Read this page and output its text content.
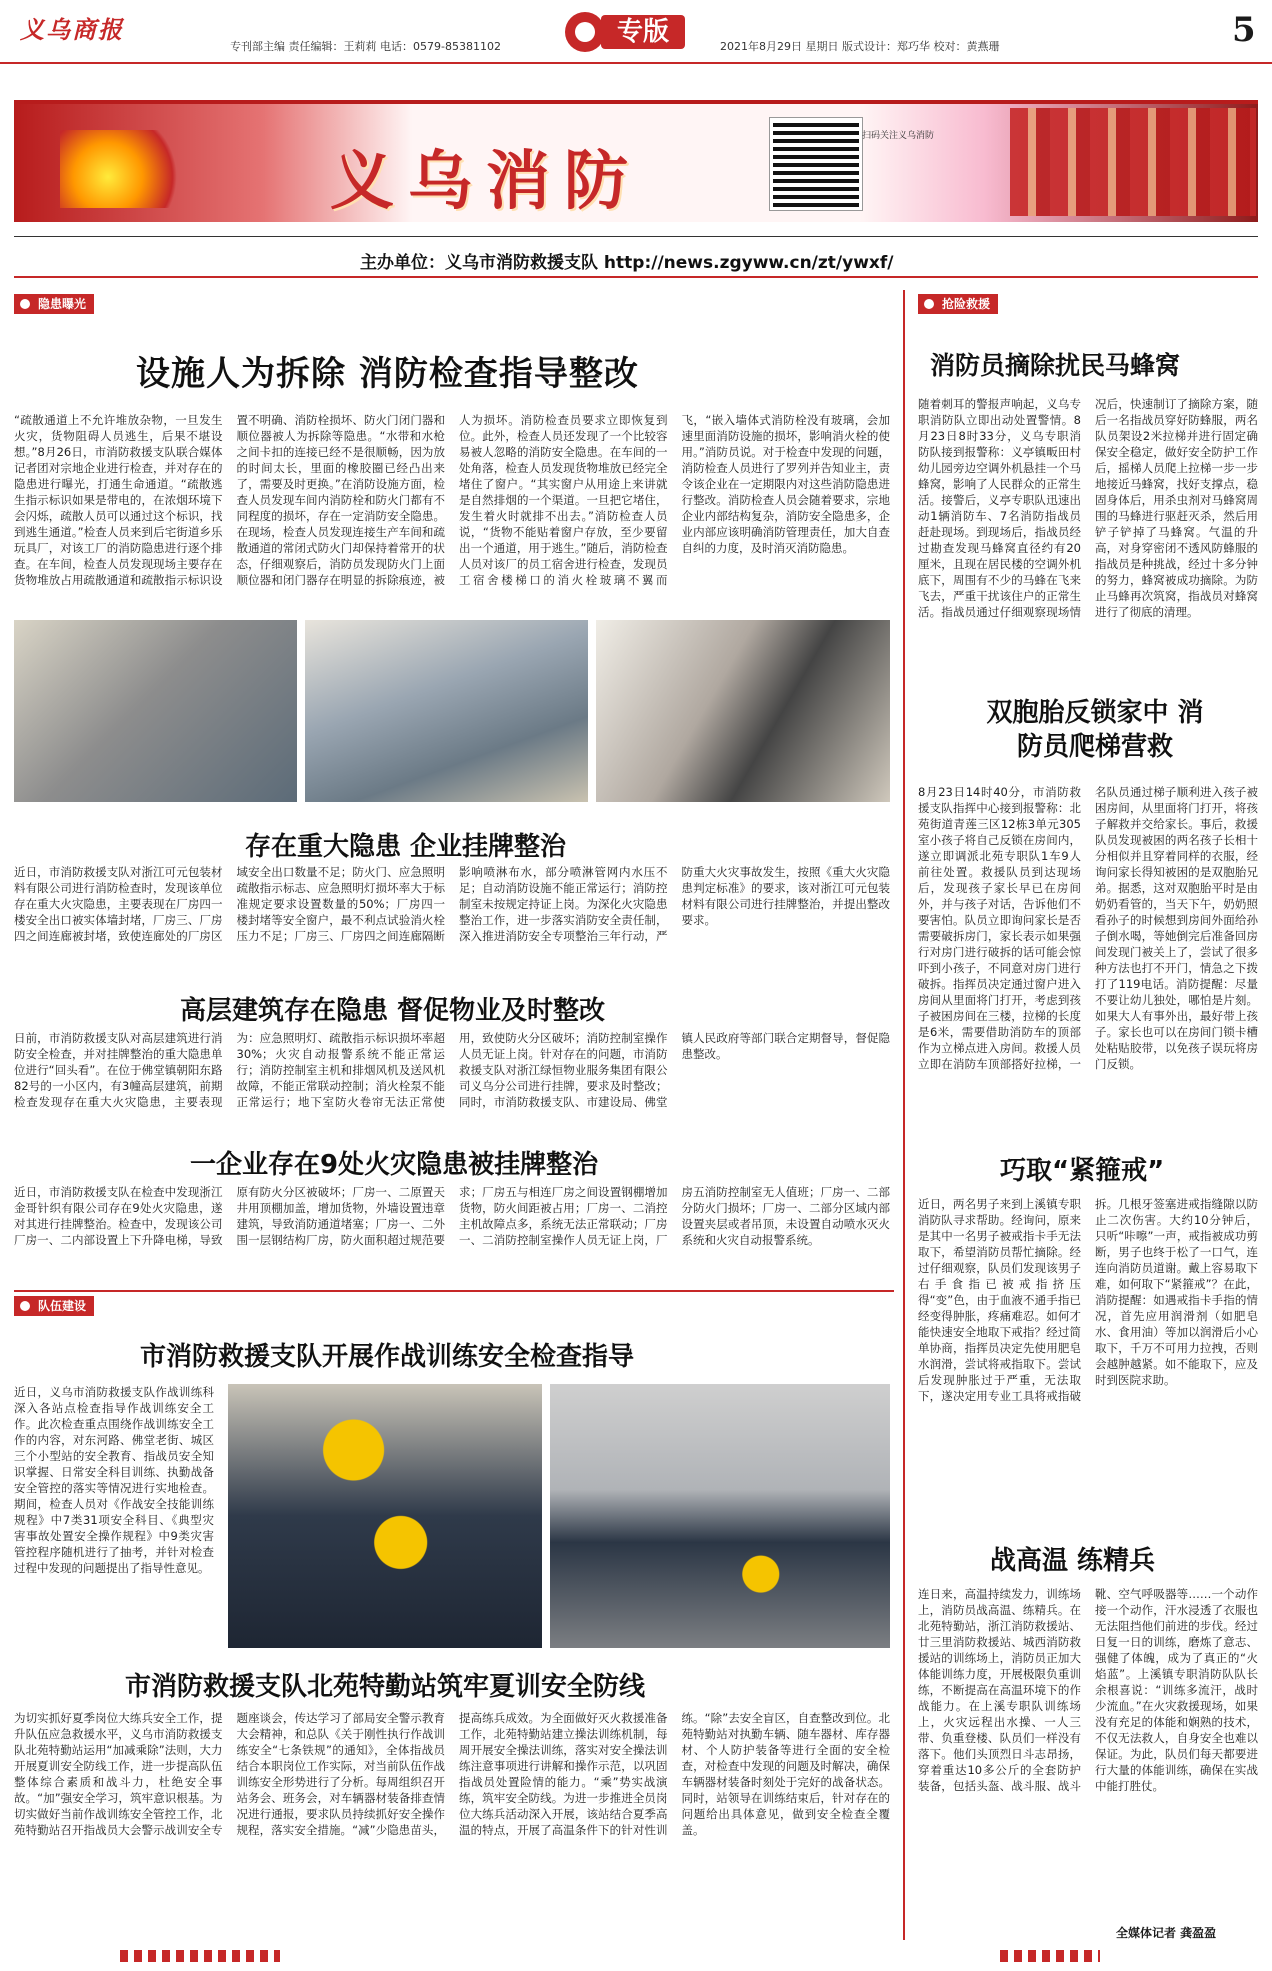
义乌商报
专刊部主编 责任编辑：王莉莉 电话：0579-85381102	专版	2021年8月29日 星期日 版式设计：郑巧华 校对：黄燕珊	5
义乌消防
扫码关注义乌消防
主办单位：义乌市消防救援支队 http://news.zgyww.cn/zt/ywxf/
隐患曝光
设施人为拆除 消防检查指导整改
“疏散通道上不允许堆放杂物，一旦发生火灾，货物阻碍人员逃生，后果不堪设想。”8月26日，市消防救援支队联合媒体记者团对宗地企业进行检查，并对存在的隐患进行曝光，打通生命通道。“疏散逃生指示标识如果是带电的，在浓烟环境下会闪烁，疏散人员可以通过这个标识，找到逃生通道。”检查人员来到后宅街道乡乐玩具厂，对该工厂的消防隐患进行逐个排查。在车间，检查人员发现现场主要存在货物堆放占用疏散通道和疏散指示标识设置不明确、消防栓损坏、防火门闭门器和顺位器被人为拆除等隐患。“水带和水枪之间卡扣的连接已经不是很顺畅，因为放的时间太长，里面的橡胶圈已经凸出来了，需要及时更换。”在消防设施方面，检查人员发现车间内消防栓和防火门都有不同程度的损坏，存在一定消防安全隐患。在现场，检查人员发现连接生产车间和疏散通道的常闭式防火门却保持着常开的状态，仔细观察后，消防员发现防火门上面顺位器和闭门器存在明显的拆除痕迹，被人为损坏。消防检查员要求立即恢复到位。此外，检查人员还发现了一个比较容易被人忽略的消防安全隐患。在车间的一处角落，检查人员发现货物堆放已经完全堵住了窗户。“其实窗户从用途上来讲就是自然排烟的一个渠道。一旦把它堵住，发生着火时就排不出去。”消防检查人员说，“货物不能贴着窗户存放，至少要留出一个通道，用于逃生。”随后，消防检查人员对该厂的员工宿舍进行检查，发现员工宿舍楼梯口的消火栓玻璃不翼而飞，“嵌入墙体式消防栓没有玻璃，会加速里面消防设施的损坏，影响消火栓的使用。”消防员说。对于检查中发现的问题，消防检查人员进行了罗列并告知业主，责令该企业在一定期限内对这些消防隐患进行整改。消防检查人员会随着要求，宗地企业内部结构复杂，消防安全隐患多，企业内部应该明确消防管理责任，加大自查自纠的力度，及时消灭消防隐患。
存在重大隐患 企业挂牌整治
近日，市消防救援支队对浙江可元包装材料有限公司进行消防检查时，发现该单位存在重大火灾隐患，主要表现在厂房四一楼安全出口被实体墙封堵，厂房三、厂房四之间连廊被封堵，致使连廊处的厂房区域安全出口数量不足；防火门、应急照明疏散指示标志、应急照明灯损坏率大于标准规定要求设置数量的50%；厂房四一楼封堵等安全窗户，最不利点试验消火栓压力不足；厂房三、厂房四之间连廊隔断影响喷淋布水，部分喷淋管网内水压不足；自动消防设施不能正常运行；消防控制室未按规定持证上岗。为深化火灾隐患整治工作，进一步落实消防安全责任制，深入推进消防安全专项整治三年行动，严防重大火灾事故发生，按照《重大火灾隐患判定标准》的要求，该对浙江可元包装材料有限公司进行挂牌整治，并提出整改要求。
高层建筑存在隐患 督促物业及时整改
日前，市消防救援支队对高层建筑进行消防安全检查，并对挂牌整治的重大隐患单位进行“回头看”。在位于佛堂镇朝阳东路82号的一小区内，有3幢高层建筑，前期检查发现存在重大火灾隐患，主要表现为：应急照明灯、疏散指示标识损坏率超30%；火灾自动报警系统不能正常运行；消防控制室主机和排烟风机及送风机故障，不能正常联动控制；消火栓泵不能正常运行；地下室防火卷帘无法正常使用，致使防火分区破坏；消防控制室操作人员无证上岗。针对存在的问题，市消防救援支队对浙江绿恒物业服务集团有限公司义乌分公司进行挂牌，要求及时整改；同时，市消防救援支队、市建设局、佛堂镇人民政府等部门联合定期督导，督促隐患整改。
一企业存在9处火灾隐患被挂牌整治
近日，市消防救援支队在检查中发现浙江金哥针织有限公司存在9处火灾隐患，遂对其进行挂牌整治。检查中，发现该公司厂房一、二内部设置上下升降电梯，导致原有防火分区被破坏；厂房一、二原置天井用顶棚加盖，增加货物，外墙设置违章建筑，导致消防通道堵塞；厂房一、二外围一层钢结构厂房，防火面积超过规范要求；厂房五与相连厂房之间设置钢棚增加货物，防火间距被占用；厂房一、二消控主机故障点多，系统无法正常联动；厂房一、二消防控制室操作人员无证上岗，厂房五消防控制室无人值班；厂房一、二部分防火门损坏；厂房一、二部分区域内部设置夹层或者吊顶，未设置自动喷水灭火系统和火灾自动报警系统。
队伍建设
市消防救援支队开展作战训练安全检查指导
近日，义乌市消防救援支队作战训练科深入各站点检查指导作战训练安全工作。此次检查重点围绕作战训练安全工作的内容，对东河路、佛堂老街、城区三个小型站的安全教育、指战员安全知识掌握、日常安全科目训练、执勤战备安全管控的落实等情况进行实地检查。期间，检查人员对《作战安全技能训练规程》中7类31项安全科目、《典型灾害事故处置安全操作规程》中9类灾害管控程序随机进行了抽考，并针对检查过程中发现的问题提出了指导性意见。
市消防救援支队北苑特勤站筑牢夏训安全防线
为切实抓好夏季岗位大练兵安全工作，提升队伍应急救援水平，义乌市消防救援支队北苑特勤站运用“加减乘除”法则，大力开展夏训安全防线工作，进一步提高队伍整体综合素质和战斗力，杜绝安全事故。“加”强安全学习，筑牢意识根基。为切实做好当前作战训练安全管控工作，北苑特勤站召开指战员大会警示战训安全专题座谈会，传达学习了部局安全警示教育大会精神，和总队《关于刚性执行作战训练安全“七条铁规”的通知》，全体指战员结合本职岗位工作实际，对当前队伍作战训练安全形势进行了分析。每周组织召开站务会、班务会，对车辆器材装备排查情况进行通报，要求队员持续抓好安全操作规程，落实安全措施。“减”少隐患苗头，提高练兵成效。为全面做好灭火救援准备工作，北苑特勤站建立操法训练机制，每周开展安全操法训练，落实对安全操法训练注意事项进行讲解和操作示范，以巩固指战员处置险情的能力。“乘”势实战演练，筑牢安全防线。为进一步推进全员岗位大练兵活动深入开展，该站结合夏季高温的特点，开展了高温条件下的针对性训练。“除”去安全盲区，自查整改到位。北苑特勤站对执勤车辆、随车器材、库存器材、个人防护装备等进行全面的安全检查，对检查中发现的问题及时解决，确保车辆器材装备时刻处于完好的战备状态。同时，站领导在训练结束后，针对存在的问题给出具体意见，做到安全检查全覆盖。
抢险救援
消防员摘除扰民马蜂窝
随着刺耳的警报声响起，义乌专职消防队立即出动处置警情。8月23日8时33分，义乌专职消防队接到报警称：义亭镇畈田村幼儿园旁边空调外机悬挂一个马蜂窝，影响了人民群众的正常生活。接警后，义亭专职队迅速出动1辆消防车、7名消防指战员赶赴现场。到现场后，指战员经过勘查发现马蜂窝直径约有20厘米，且现在居民楼的空调外机底下，周围有不少的马蜂在飞来飞去，严重干扰该住户的正常生活。指战员通过仔细观察现场情况后，快速制订了摘除方案，随后一名指战员穿好防蜂服，两名队员架设2米拉梯并进行固定确保安全稳定，做好安全防护工作后，摇梯人员爬上拉梯一步一步地接近马蜂窝，找好支撑点，稳固身体后，用杀虫剂对马蜂窝周围的马蜂进行驱赶灭杀，然后用铲子铲掉了马蜂窝。气温的升高，对身穿密闭不透风防蜂服的指战员是种挑战，经过十多分钟的努力，蜂窝被成功摘除。为防止马蜂再次筑窝，指战员对蜂窝进行了彻底的清理。
双胞胎反锁家中 消防员爬梯营救
8月23日14时40分，市消防救援支队指挥中心接到报警称：北苑街道青莲三区12栋3单元305室小孩子将自己反锁在房间内，遂立即调派北苑专职队1车9人前往处置。救援队员到达现场后，发现孩子家长早已在房间外，并与孩子对话，告诉他们不要害怕。队员立即询问家长是否需要破拆房门，家长表示如果强行对房门进行破拆的话可能会惊吓到小孩子，不同意对房门进行破拆。指挥员决定通过窗户进入房间从里面将门打开，考虑到孩子被困房间在三楼，拉梯的长度是6米，需要借助消防车的顶部作为立梯点进入房间。救援人员立即在消防车顶部搭好拉梯，一名队员通过梯子顺利进入孩子被困房间，从里面将门打开，将孩子解救并交给家长。事后，救援队员发现被困的两名孩子长相十分相似并且穿着同样的衣服，经询问家长得知被困的是双胞胎兄弟。据悉，这对双胞胎平时是由奶奶看管的，当天下午，奶奶照看孙子的时候想到房间外面给孙子倒水喝，等她倒完后准备回房间发现门被关上了，尝试了很多种方法也打不开门，情急之下拨打了119电话。消防提醒：尽量不要让幼儿独处，哪怕是片刻。如果大人有事外出，最好带上孩子。家长也可以在房间门锁卡槽处粘贴胶带，以免孩子误玩将房门反锁。
巧取“紧箍戒”
近日，两名男子来到上溪镇专职消防队寻求帮助。经询问，原来是其中一名男子被戒指卡手无法取下，希望消防员帮忙摘除。经过仔细观察，队员们发现该男子右手食指已被戒指挤压得“变”色，由于血液不通手指已经变得肿胀，疼痛难忍。如何才能快速安全地取下戒指？经过简单协商，指挥员决定先使用肥皂水润滑，尝试将戒指取下。尝试后发现肿胀过于严重，无法取下，遂决定用专业工具将戒指破拆。几根牙签塞进戒指缝隙以防止二次伤害。大约10分钟后，只听“咔嚓”一声，戒指被成功剪断，男子也终于松了一口气，连连向消防员道谢。戴上容易取下难，如何取下“紧箍戒”？在此，消防提醒：如遇戒指卡手指的情况，首先应用润滑剂（如肥皂水、食用油）等加以润滑后小心取下，千万不可用力拉拽，否则会越肿越紧。如不能取下，应及时到医院求助。
战高温 练精兵
连日来，高温持续发力，训练场上，消防员战高温、练精兵。在北苑特勤站，浙江消防救援站、廿三里消防救援站、城西消防救援站的训练场上，消防员正加大体能训练力度，开展极限负重训练，不断提高在高温环境下的作战能力。在上溪专职队训练场上，火灾远程出水操、一人三带、负重登楼、队员们一样没有落下。他们头顶烈日斗志昂扬，穿着重达10多公斤的全套防护装备，包括头盔、战斗服、战斗靴、空气呼吸器等……一个动作接一个动作，汗水浸透了衣服也无法阻挡他们前进的步伐。经过日复一日的训练，磨炼了意志、强健了体魄，成为了真正的“火焰蓝”。上溪镇专职消防队队长余根喜说：“训练多流汗，战时少流血。”在火灾救援现场，如果没有充足的体能和娴熟的技术，不仅无法救人，自身安全也难以保证。为此，队员们每天都要进行大量的体能训练，确保在实战中能打胜仗。
全媒体记者 龚盈盈
